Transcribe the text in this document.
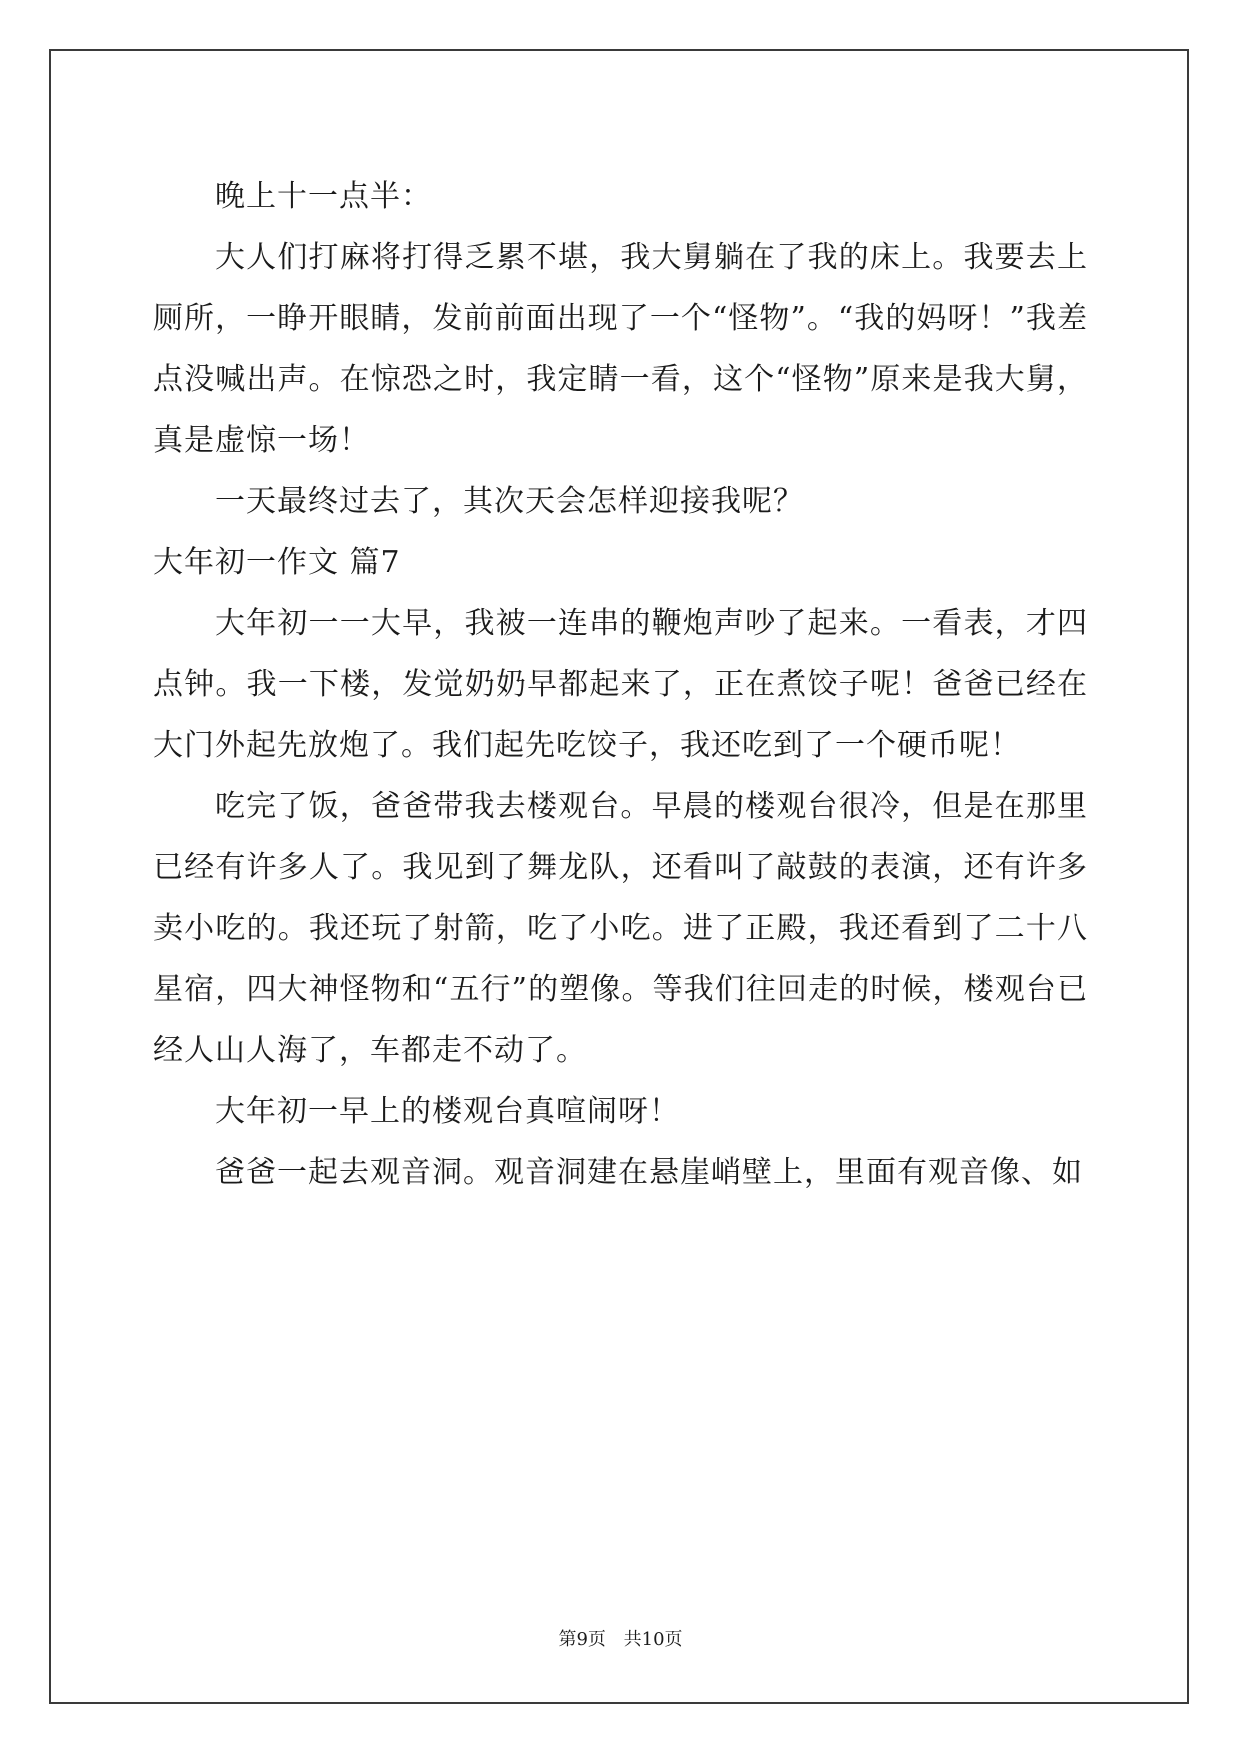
晚上十一点半：

大人们打麻将打得乏累不堪，我大舅躺在了我的床上。我要去上厕所，一睁开眼睛，发前前面出现了一个“怪物”。“我的妈呀！”我差点没喊出声。在惊恐之时，我定睛一看，这个“怪物”原来是我大舅，真是虚惊一场！

一天最终过去了，其次天会怎样迎接我呢？

大年初一作文 篇7

大年初一一大早，我被一连串的鞭炮声吵了起来。一看表，才四点钟。我一下楼，发觉奶奶早都起来了，正在煮饺子呢！爸爸已经在大门外起先放炮了。我们起先吃饺子，我还吃到了一个硬币呢！

吃完了饭，爸爸带我去楼观台。早晨的楼观台很冷，但是在那里已经有许多人了。我见到了舞龙队，还看叫了敲鼓的表演，还有许多卖小吃的。我还玩了射箭，吃了小吃。进了正殿，我还看到了二十八星宿，四大神怪物和“五行”的塑像。等我们往回走的时候，楼观台已经人山人海了，车都走不动了。

大年初一早上的楼观台真喧闹呀！

爸爸一起去观音洞。观音洞建在悬崖峭壁上，里面有观音像、如

第9页 共10页
